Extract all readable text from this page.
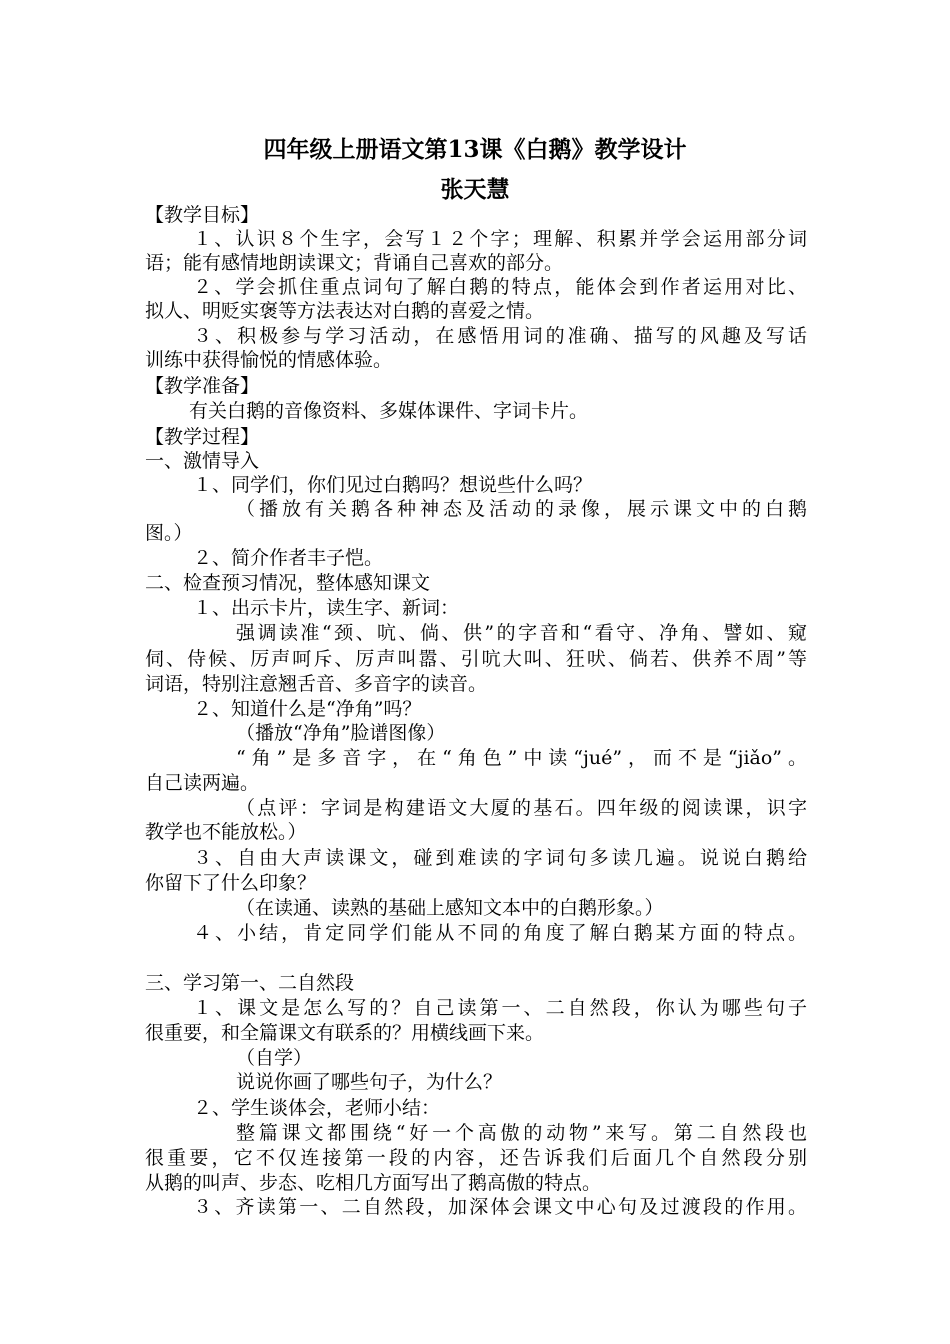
四年级上册语文第13课《白鹅》教学设计
张天慧
【教学目标】
１、认识８个生字，会写１２个字；理解、积累并学会运用部分词
语；能有感情地朗读课文；背诵自己喜欢的部分。
２、学会抓住重点词句了解白鹅的特点，能体会到作者运用对比、
拟人、明贬实褒等方法表达对白鹅的喜爱之情。
３、积极参与学习活动，在感悟用词的准确、描写的风趣及写话
训练中获得愉悦的情感体验。
【教学准备】
有关白鹅的音像资料、多媒体课件、字词卡片。
【教学过程】
一、激情导入
１、同学们，你们见过白鹅吗？想说些什么吗？
（播放有关鹅各种神态及活动的录像，展示课文中的白鹅
图。）
２、简介作者丰子恺。
二、检查预习情况，整体感知课文
１、出示卡片，读生字、新词：
强调读准“颈、吭、倘、供”的字音和“看守、净角、譬如、窥
伺、侍候、厉声呵斥、厉声叫嚣、引吭大叫、狂吠、倘若、供养不周”等
词语，特别注意翘舌音、多音字的读音。
２、知道什么是“净角”吗？
（播放“净角”脸谱图像）
“角”是多音字，在“角色”中读“jué”，而不是“jiǎo”。
自己读两遍。
（点评：字词是构建语文大厦的基石。四年级的阅读课，识字
教学也不能放松。）
３、自由大声读课文，碰到难读的字词句多读几遍。说说白鹅给
你留下了什么印象？
（在读通、读熟的基础上感知文本中的白鹅形象。）
４、小结，肯定同学们能从不同的角度了解白鹅某方面的特点。
三、学习第一、二自然段
１、课文是怎么写的？自己读第一、二自然段，你认为哪些句子
很重要，和全篇课文有联系的？用横线画下来。
（自学）
说说你画了哪些句子，为什么？
２、学生谈体会，老师小结：
整篇课文都围绕“好一个高傲的动物”来写。第二自然段也
很重要，它不仅连接第一段的内容，还告诉我们后面几个自然段分别
从鹅的叫声、步态、吃相几方面写出了鹅高傲的特点。
３、齐读第一、二自然段，加深体会课文中心句及过渡段的作用。
